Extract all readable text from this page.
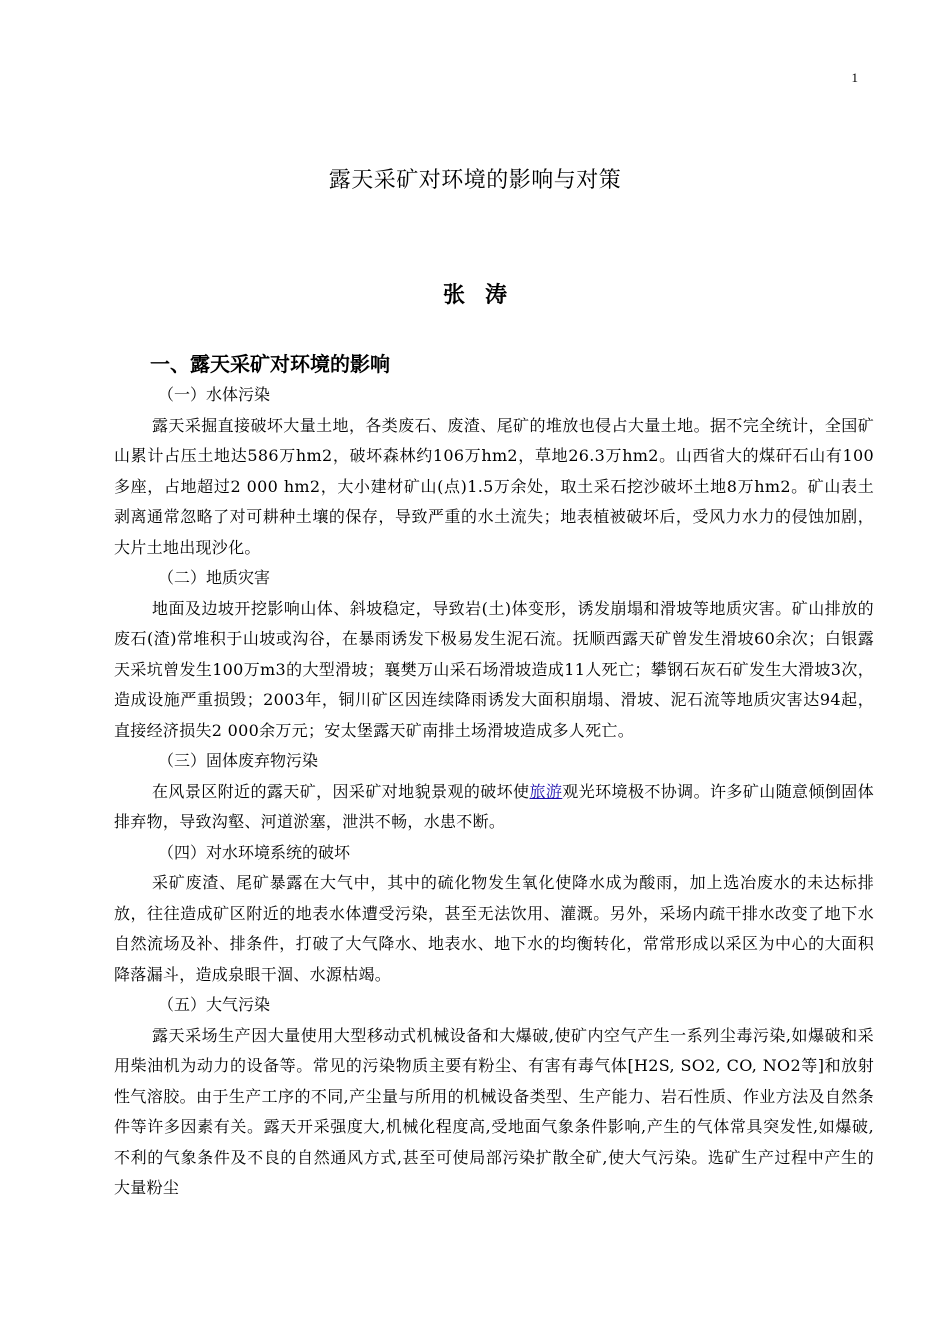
1
露天采矿对环境的影响与对策
张涛
一、露天采矿对环境的影响
（一）水体污染

露天采掘直接破坏大量土地，各类废石、废渣、尾矿的堆放也侵占大量土地。据不完全统计，全国矿山累计占压土地达586万hm2，破坏森林约106万hm2，草地26.3万hm2。山西省大的煤矸石山有100多座，占地超过2 000 hm2，大小建材矿山(点)1.5万余处，取土采石挖沙破坏土地8万hm2。矿山表土剥离通常忽略了对可耕种土壤的保存，导致严重的水土流失；地表植被破坏后，受风力水力的侵蚀加剧，大片土地出现沙化。

（二）地质灾害

地面及边坡开挖影响山体、斜坡稳定，导致岩(土)体变形，诱发崩塌和滑坡等地质灾害。矿山排放的废石(渣)常堆积于山坡或沟谷，在暴雨诱发下极易发生泥石流。抚顺西露天矿曾发生滑坡60余次；白银露天采坑曾发生100万m3的大型滑坡；襄樊万山采石场滑坡造成11人死亡；攀钢石灰石矿发生大滑坡3次，造成设施严重损毁；2003年，铜川矿区因连续降雨诱发大面积崩塌、滑坡、泥石流等地质灾害达94起，直接经济损失2 000余万元；安太堡露天矿南排土场滑坡造成多人死亡。

（三）固体废弃物污染

在风景区附近的露天矿，因采矿对地貌景观的破坏使旅游观光环境极不协调。许多矿山随意倾倒固体排弃物，导致沟壑、河道淤塞，泄洪不畅，水患不断。

（四）对水环境系统的破坏

采矿废渣、尾矿暴露在大气中，其中的硫化物发生氧化使降水成为酸雨，加上选冶废水的未达标排放，往往造成矿区附近的地表水体遭受污染，甚至无法饮用、灌溉。另外，采场内疏干排水改变了地下水自然流场及补、排条件，打破了大气降水、地表水、地下水的均衡转化，常常形成以采区为中心的大面积降落漏斗，造成泉眼干涸、水源枯竭。

（五）大气污染

露天采场生产因大量使用大型移动式机械设备和大爆破,使矿内空气产生一系列尘毒污染,如爆破和采用柴油机为动力的设备等。常见的污染物质主要有粉尘、有害有毒气体[H2S, SO2, CO, NO2等]和放射性气溶胶。由于生产工序的不同,产尘量与所用的机械设备类型、生产能力、岩石性质、作业方法及自然条件等许多因素有关。露天开采强度大,机械化程度高,受地面气象条件影响,产生的气体常具突发性,如爆破,不利的气象条件及不良的自然通风方式,甚至可使局部污染扩散全矿,使大气污染。选矿生产过程中产生的大量粉尘
